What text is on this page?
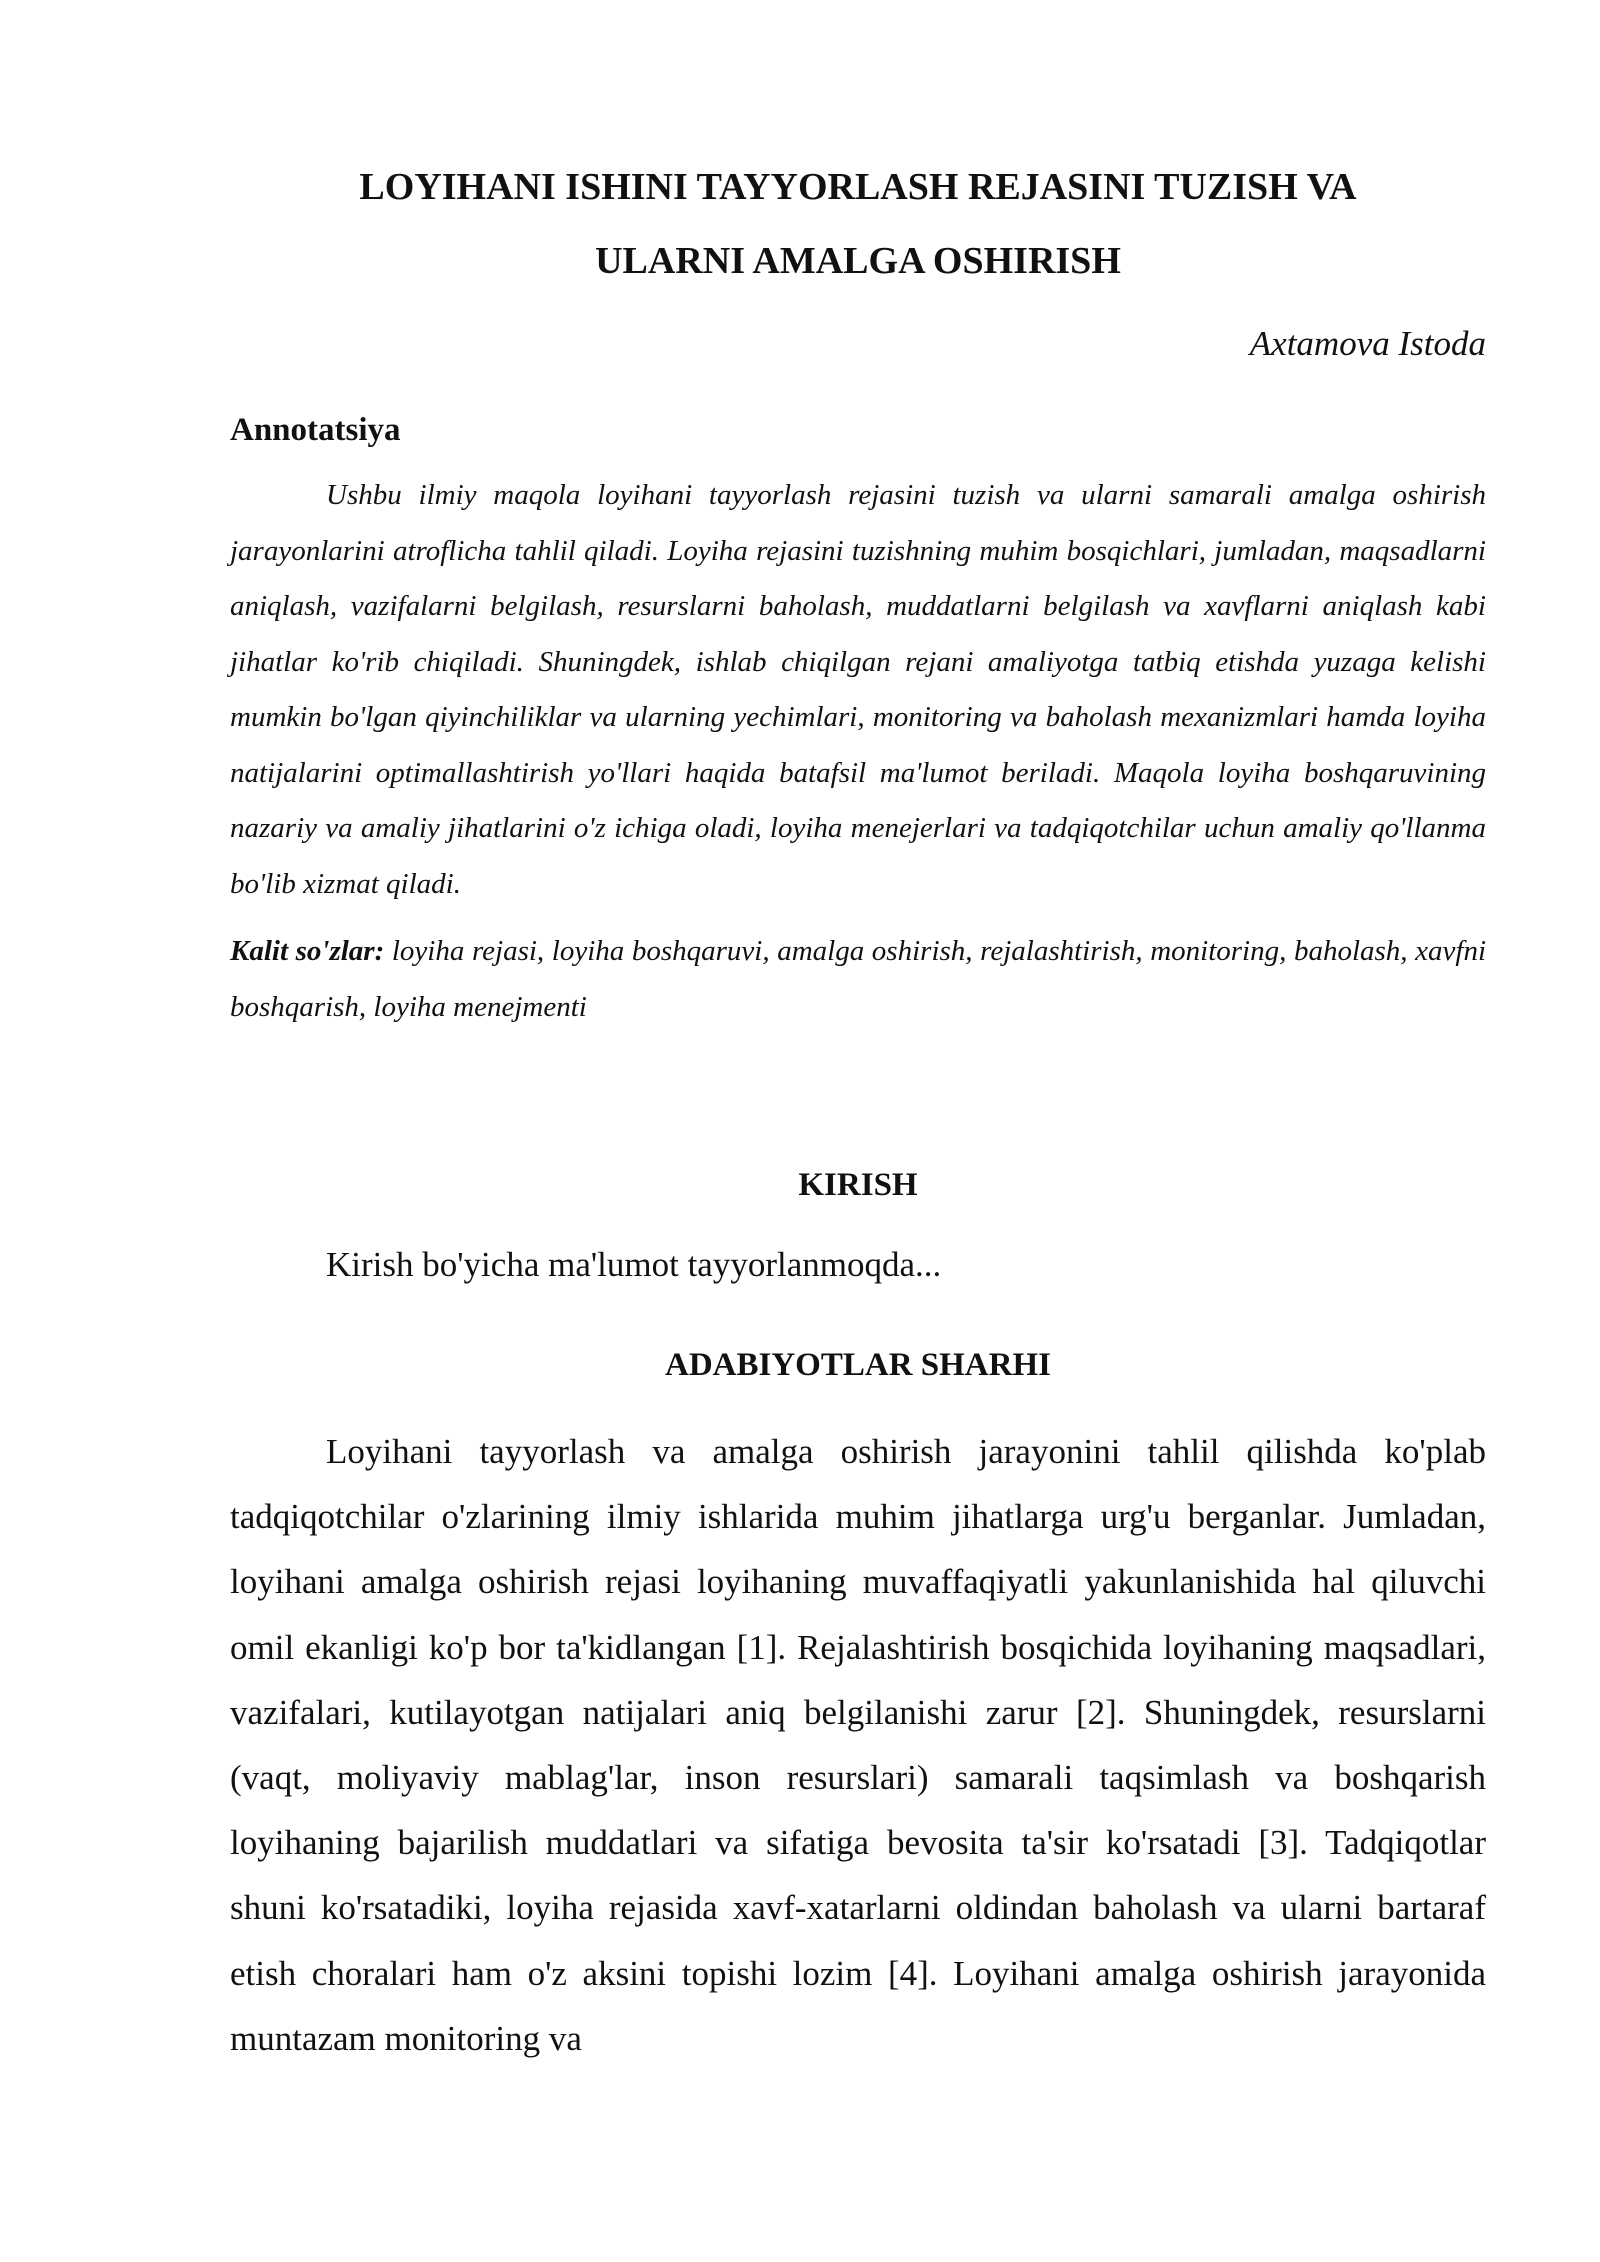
LOYIHANI ISHINI TAYYORLASH REJASINI TUZISH VA
ULARNI AMALGA OSHIRISH
Axtamova Istoda
Annotatsiya

Ushbu ilmiy maqola loyihani tayyorlash rejasini tuzish va ularni samarali amalga oshirish jarayonlarini atroflicha tahlil qiladi. Loyiha rejasini tuzishning muhim bosqichlari, jumladan, maqsadlarni aniqlash, vazifalarni belgilash, resurslarni baholash, muddatlarni belgilash va xavflarni aniqlash kabi jihatlar ko'rib chiqiladi. Shuningdek, ishlab chiqilgan rejani amaliyotga tatbiq etishda yuzaga kelishi mumkin bo'lgan qiyinchiliklar va ularning yechimlari, monitoring va baholash mexanizmlari hamda loyiha natijalarini optimallashtirish yo'llari haqida batafsil ma'lumot beriladi. Maqola loyiha boshqaruvining nazariy va amaliy jihatlarini o'z ichiga oladi, loyiha menejerlari va tadqiqotchilar uchun amaliy qo'llanma bo'lib xizmat qiladi.

Kalit so'zlar: loyiha rejasi, loyiha boshqaruvi, amalga oshirish, rejalashtirish, monitoring, baholash, xavfni boshqarish, loyiha menejmenti

KIRISH

Kirish bo'yicha ma'lumot tayyorlanmoqda...

ADABIYOTLAR SHARHI

Loyihani tayyorlash va amalga oshirish jarayonini tahlil qilishda ko'plab tadqiqotchilar o'zlarining ilmiy ishlarida muhim jihatlarga urg'u berganlar. Jumladan, loyihani amalga oshirish rejasi loyihaning muvaffaqiyatli yakunlanishida hal qiluvchi omil ekanligi ko'p bor ta'kidlangan [1]. Rejalashtirish bosqichida loyihaning maqsadlari, vazifalari, kutilayotgan natijalari aniq belgilanishi zarur [2]. Shuningdek, resurslarni (vaqt, moliyaviy mablag'lar, inson resurslari) samarali taqsimlash va boshqarish loyihaning bajarilish muddatlari va sifatiga bevosita ta'sir ko'rsatadi [3]. Tadqiqotlar shuni ko'rsatadiki, loyiha rejasida xavf-xatarlarni oldindan baholash va ularni bartaraf etish choralari ham o'z aksini topishi lozim [4]. Loyihani amalga oshirish jarayonida muntazam monitoring va
